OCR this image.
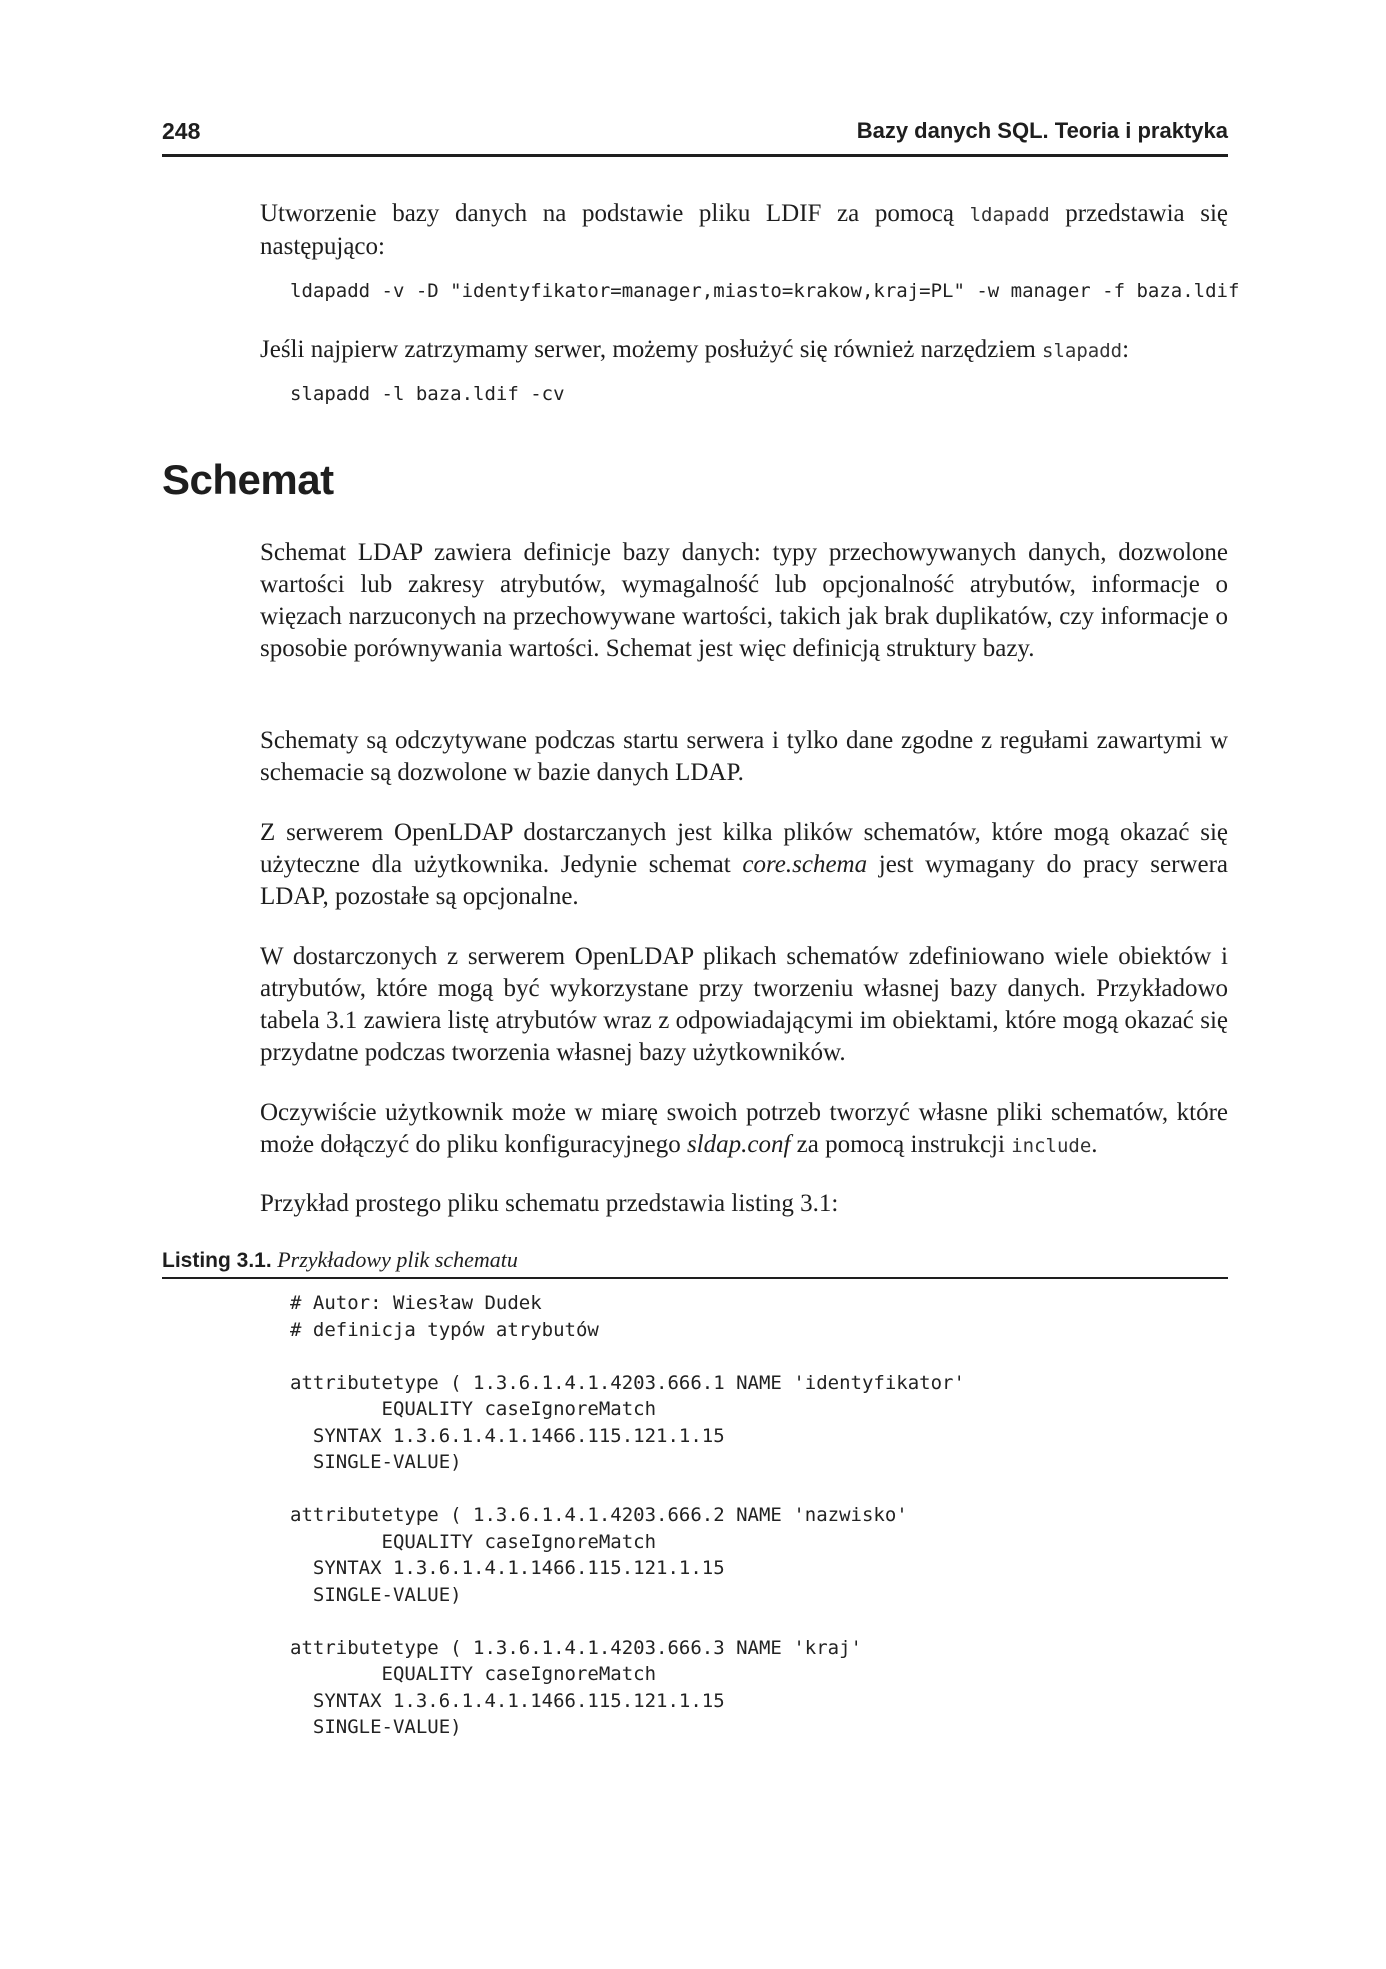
248	Bazy danych SQL. Teoria i praktyka

Utworzenie bazy danych na podstawie pliku LDIF za pomocą ldapadd przedstawia się następująco:

ldapadd -v -D "identyfikator=manager,miasto=krakow,kraj=PL" -w manager -f baza.ldif

Jeśli najpierw zatrzymamy serwer, możemy posłużyć się również narzędziem slapadd:

slapadd -l baza.ldif -cv
Schemat

Schemat LDAP zawiera definicje bazy danych: typy przechowywanych danych, dozwolone wartości lub zakresy atrybutów, wymagalność lub opcjonalność atrybutów, informacje o więzach narzuconych na przechowywane wartości, takich jak brak duplikatów, czy informacje o sposobie porównywania wartości. Schemat jest więc definicją struktury bazy.

Schematy są odczytywane podczas startu serwera i tylko dane zgodne z regułami zawartymi w schemacie są dozwolone w bazie danych LDAP.

Z serwerem OpenLDAP dostarczanych jest kilka plików schematów, które mogą okazać się użyteczne dla użytkownika. Jedynie schemat core.schema jest wymagany do pracy serwera LDAP, pozostałe są opcjonalne.

W dostarczonych z serwerem OpenLDAP plikach schematów zdefiniowano wiele obiektów i atrybutów, które mogą być wykorzystane przy tworzeniu własnej bazy danych. Przykładowo tabela 3.1 zawiera listę atrybutów wraz z odpowiadającymi im obiektami, które mogą okazać się przydatne podczas tworzenia własnej bazy użytkowników.

Oczywiście użytkownik może w miarę swoich potrzeb tworzyć własne pliki schematów, które może dołączyć do pliku konfiguracyjnego sldap.conf za pomocą instrukcji include.

Przykład prostego pliku schematu przedstawia listing 3.1:

Listing 3.1. Przykładowy plik schematu
# Autor: Wiesław Dudek
# definicja typów atrybutów
attributetype ( 1.3.6.1.4.1.4203.666.1 NAME 'identyfikator'
EQUALITY caseIgnoreMatch
SYNTAX 1.3.6.1.4.1.1466.115.121.1.15
SINGLE-VALUE)
attributetype ( 1.3.6.1.4.1.4203.666.2 NAME 'nazwisko'
EQUALITY caseIgnoreMatch
SYNTAX 1.3.6.1.4.1.1466.115.121.1.15
SINGLE-VALUE)
attributetype ( 1.3.6.1.4.1.4203.666.3 NAME 'kraj'
EQUALITY caseIgnoreMatch
SYNTAX 1.3.6.1.4.1.1466.115.121.1.15
SINGLE-VALUE)
